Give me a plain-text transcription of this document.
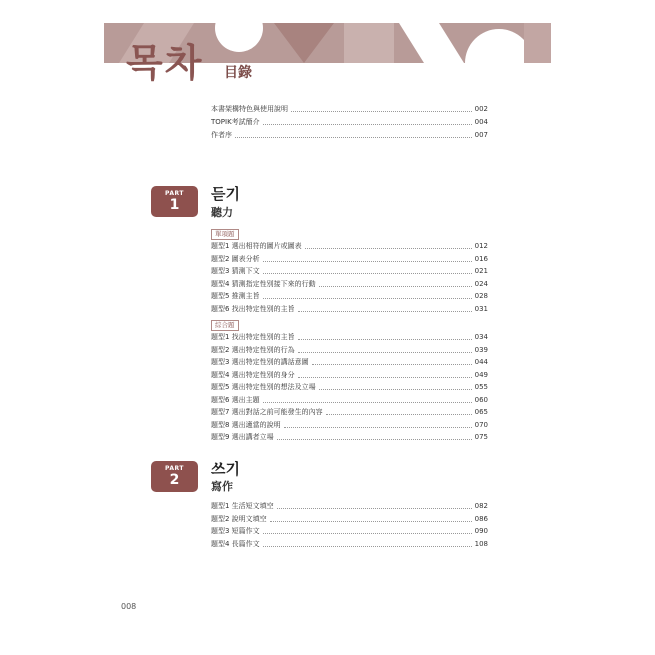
목차 目錄
本書架構特色與使用說明	002
TOPIK考試簡介	004
作者序	007
PART
1
듣기
聽力
單項題
題型1 選出相符的圖片或圖表	012
題型2 圖表分析	016
題型3 猜測下文	021
題型4 猜測指定性別接下來的行動	024
題型5 推測主旨	028
題型6 找出特定性別的主旨	031
綜合題
題型1 找出特定性別的主旨	034
題型2 選出特定性別的行為	039
題型3 選出特定性別的講話意圖	044
題型4 選出特定性別的身分	049
題型5 選出特定性別的想法及立場	055
題型6 選出主題	060
題型7 選出對話之前可能發生的內容	065
題型8 選出適當的說明	070
題型9 選出講者立場	075
PART
2
쓰기
寫作
題型1 生活短文填空	082
題型2 說明文填空	086
題型3 短篇作文	090
題型4 長篇作文	108
008
